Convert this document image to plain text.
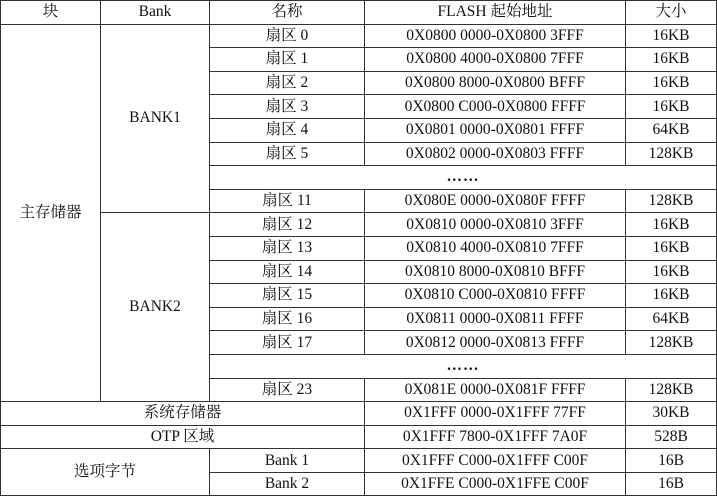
块	Bank	名称	FLASH 起始地址	大小
主存储器	BANK1	扇区 0	0X0800 0000-0X0800 3FFF	16KB
		扇区 1	0X0800 4000-0X0800 7FFF	16KB
		扇区 2	0X0800 8000-0X0800 BFFF	16KB
		扇区 3	0X0800 C000-0X0800 FFFF	16KB
		扇区 4	0X0801 0000-0X0801 FFFF	64KB
		扇区 5	0X0802 0000-0X0803 FFFF	128KB
		……		
		扇区 11	0X080E 0000-0X080F FFFF	128KB
	BANK2	扇区 12	0X0810 0000-0X0810 3FFF	16KB
		扇区 13	0X0810 4000-0X0810 7FFF	16KB
		扇区 14	0X0810 8000-0X0810 BFFF	16KB
		扇区 15	0X0810 C000-0X0810 FFFF	16KB
		扇区 16	0X0811 0000-0X0811 FFFF	64KB
		扇区 17	0X0812 0000-0X0813 FFFF	128KB
		……		
		扇区 23	0X081E 0000-0X081F FFFF	128KB
系统存储器			0X1FFF 0000-0X1FFF 77FF	30KB
OTP 区域			0X1FFF 7800-0X1FFF 7A0F	528B
选项字节		Bank 1	0X1FFF C000-0X1FFF C00F	16B
		Bank 2	0X1FFE C000-0X1FFE C00F	16B
